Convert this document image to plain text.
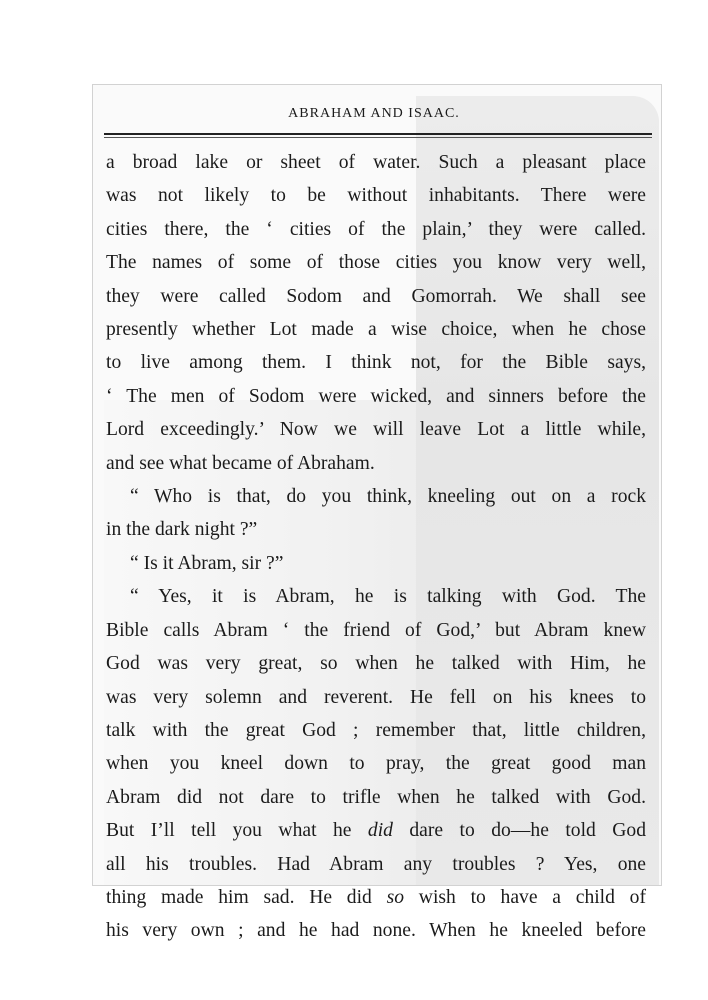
ABRAHAM AND ISAAC.
a broad lake or sheet of water. Such a pleasant place
was not likely to be without inhabitants. There were
cities there, the ‘ cities of the plain,’ they were called.
The names of some of those cities you know very well,
they were called Sodom and Gomorrah. We shall see
presently whether Lot made a wise choice, when he chose
to live among them. I think not, for the Bible says,
‘ The men of Sodom were wicked, and sinners before the
Lord exceedingly.’ Now we will leave Lot a little while,
and see what became of Abraham.
“ Who is that, do you think, kneeling out on a rock
in the dark night ?”
“ Is it Abram, sir ?”
“ Yes, it is Abram, he is talking with God. The
Bible calls Abram ‘ the friend of God,’ but Abram knew
God was very great, so when he talked with Him, he
was very solemn and reverent. He fell on his knees to
talk with the great God ; remember that, little children,
when you kneel down to pray, the great good man
Abram did not dare to trifle when he talked with God.
But I’ll tell you what he did dare to do—he told God
all his troubles. Had Abram any troubles ? Yes, one
thing made him sad. He did so wish to have a child of
his very own ; and he had none. When he kneeled before
